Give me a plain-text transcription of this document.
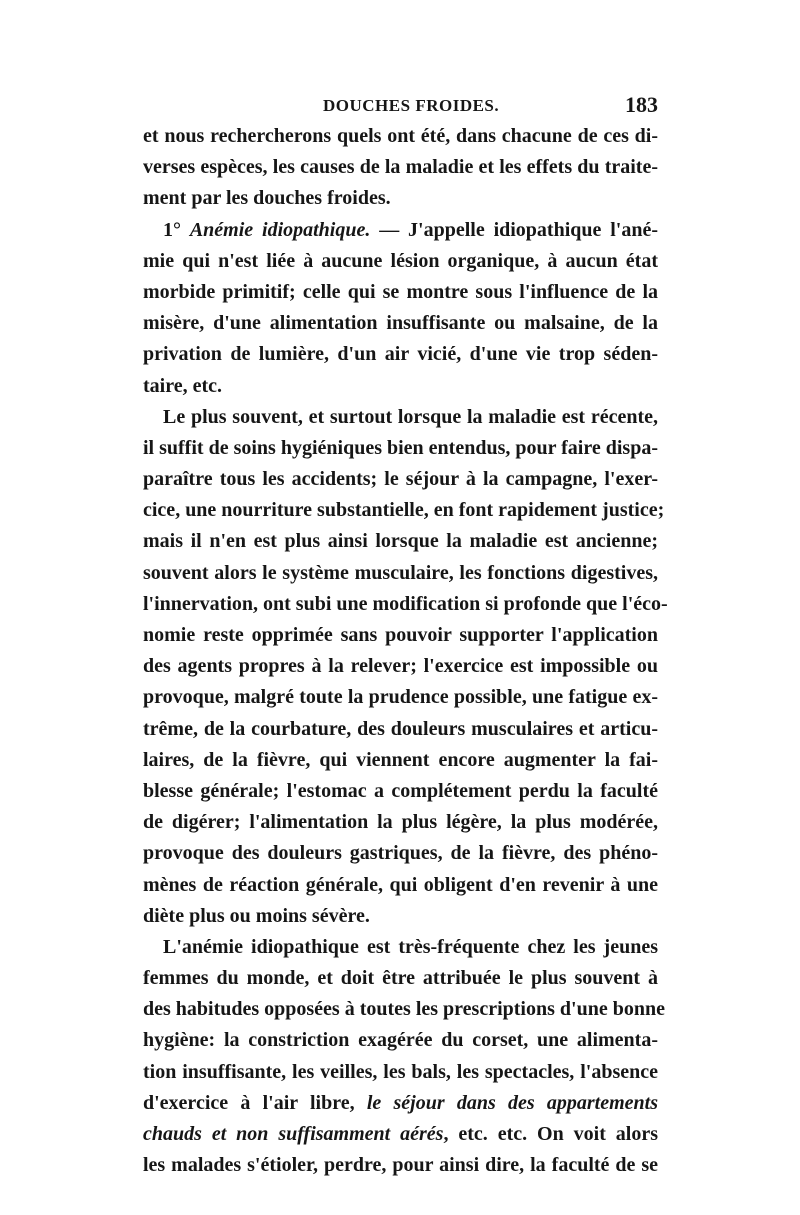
DOUCHES FROIDES.	183
et nous rechercherons quels ont été, dans chacune de ces di-
verses espèces, les causes de la maladie et les effets du traite-
ment par les douches froides.
1° Anémie idiopathique. — J'appelle idiopathique l'ané-
mie qui n'est liée à aucune lésion organique, à aucun état
morbide primitif; celle qui se montre sous l'influence de la
misère, d'une alimentation insuffisante ou malsaine, de la
privation de lumière, d'un air vicié, d'une vie trop séden-
taire, etc.
Le plus souvent, et surtout lorsque la maladie est récente,
il suffit de soins hygiéniques bien entendus, pour faire dispa-
paraître tous les accidents; le séjour à la campagne, l'exer-
cice, une nourriture substantielle, en font rapidement justice;
mais il n'en est plus ainsi lorsque la maladie est ancienne;
souvent alors le système musculaire, les fonctions digestives,
l'innervation, ont subi une modification si profonde que l'éco-
nomie reste opprimée sans pouvoir supporter l'application
des agents propres à la relever; l'exercice est impossible ou
provoque, malgré toute la prudence possible, une fatigue ex-
trême, de la courbature, des douleurs musculaires et articu-
laires, de la fièvre, qui viennent encore augmenter la fai-
blesse générale; l'estomac a complétement perdu la faculté
de digérer; l'alimentation la plus légère, la plus modérée,
provoque des douleurs gastriques, de la fièvre, des phéno-
mènes de réaction générale, qui obligent d'en revenir à une
diète plus ou moins sévère.
L'anémie idiopathique est très-fréquente chez les jeunes
femmes du monde, et doit être attribuée le plus souvent à
des habitudes opposées à toutes les prescriptions d'une bonne
hygiène: la constriction exagérée du corset, une alimenta-
tion insuffisante, les veilles, les bals, les spectacles, l'absence
d'exercice à l'air libre, le séjour dans des appartements
chauds et non suffisamment aérés, etc. etc. On voit alors
les malades s'étioler, perdre, pour ainsi dire, la faculté de se
